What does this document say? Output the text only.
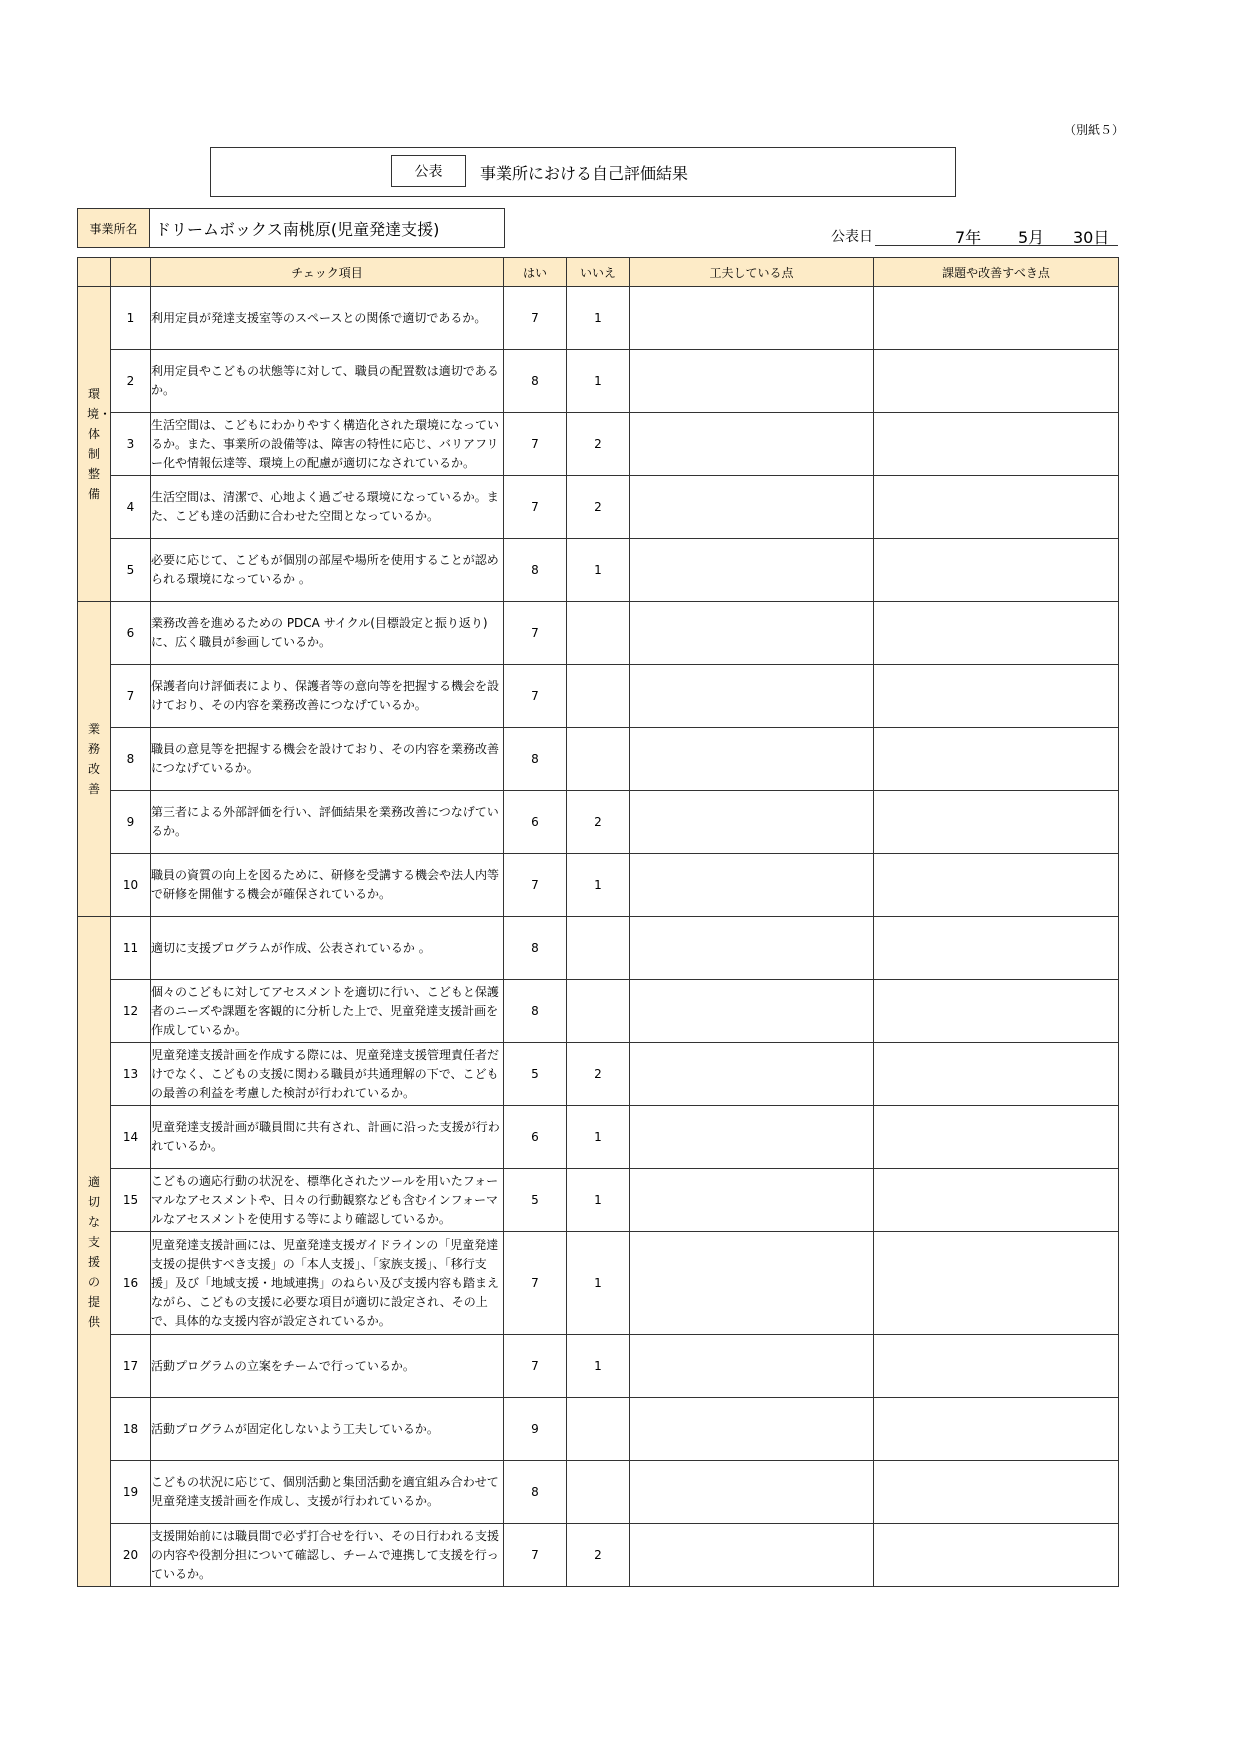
（別紙５）
公表	事業所における自己評価結果
事業所名	ドリームボックス南桃原(児童発達支援)	公表日	7年 5月 30日
		チェック項目	はい	いいえ	工夫している点	課題や改善すべき点
環境・体制整備	1	利用定員が発達支援室等のスペースとの関係で適切であるか。	7	1		
	2	利用定員やこどもの状態等に対して、職員の配置数は適切であるか。	8	1		
	3	生活空間は、こどもにわかりやすく構造化された環境になっているか。また、事業所の設備等は、障害の特性に応じ、バリアフリー化や情報伝達等、環境上の配慮が適切になされているか。	7	2		
	4	生活空間は、清潔で、心地よく過ごせる環境になっているか。また、こども達の活動に合わせた空間となっているか。	7	2		
	5	必要に応じて、こどもが個別の部屋や場所を使用することが認められる環境になっているか 。	8	1		
業務改善	6	業務改善を進めるための PDCA サイクル(目標設定と振り返り)に、広く職員が参画しているか。	7			
	7	保護者向け評価表により、保護者等の意向等を把握する機会を設けており、その内容を業務改善につなげているか。	7			
	8	職員の意見等を把握する機会を設けており、その内容を業務改善につなげているか。	8			
	9	第三者による外部評価を行い、評価結果を業務改善につなげているか。	6	2		
	10	職員の資質の向上を図るために、研修を受講する機会や法人内等で研修を開催する機会が確保されているか。	7	1		
適切な支援の提供	11	適切に支援プログラムが作成、公表されているか 。	8			
	12	個々のこどもに対してアセスメントを適切に行い、こどもと保護者のニーズや課題を客観的に分析した上で、児童発達支援計画を作成しているか。	8			
	13	児童発達支援計画を作成する際には、児童発達支援管理責任者だけでなく、こどもの支援に関わる職員が共通理解の下で、こどもの最善の利益を考慮した検討が行われているか。	5	2		
	14	児童発達支援計画が職員間に共有され、計画に沿った支援が行われているか。	6	1		
	15	こどもの適応行動の状況を、標準化されたツールを用いたフォーマルなアセスメントや、日々の行動観察なども含むインフォーマルなアセスメントを使用する等により確認しているか。	5	1		
	16	児童発達支援計画には、児童発達支援ガイドラインの「児童発達支援の提供すべき支援」の「本人支援」、「家族支援」、「移行支援」及び「地域支援・地域連携」のねらい及び支援内容も踏まえながら、こどもの支援に必要な項目が適切に設定され、その上で、具体的な支援内容が設定されているか。	7	1		
	17	活動プログラムの立案をチームで行っているか。	7	1		
	18	活動プログラムが固定化しないよう工夫しているか。	9			
	19	こどもの状況に応じて、個別活動と集団活動を適宜組み合わせて児童発達支援計画を作成し、支援が行われているか。	8			
	20	支援開始前には職員間で必ず打合せを行い、その日行われる支援の内容や役割分担について確認し、チームで連携して支援を行っているか。	7	2		
